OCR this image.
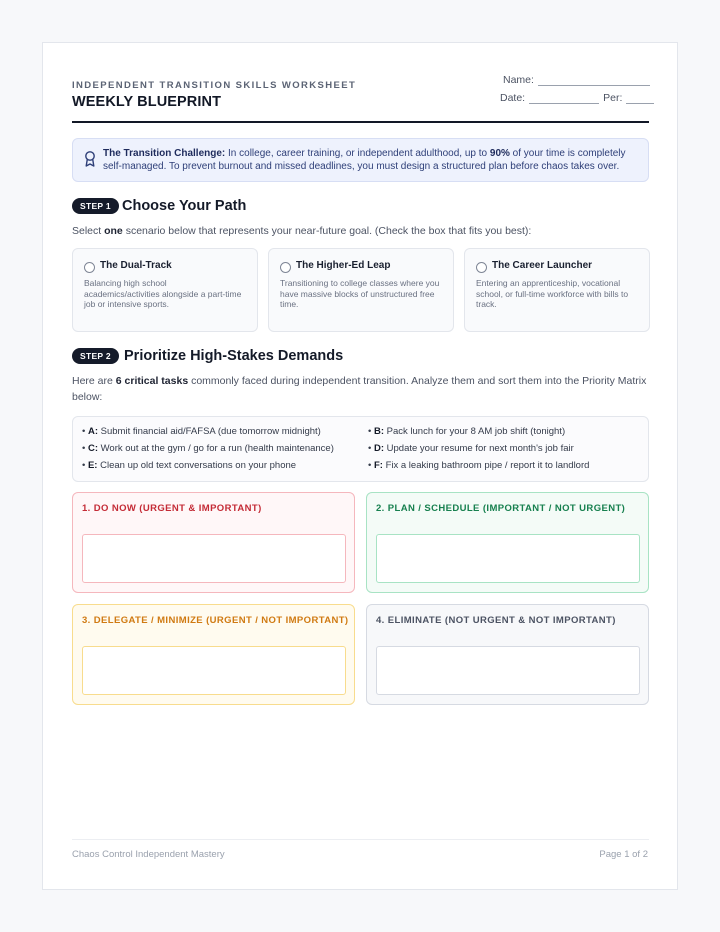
INDEPENDENT TRANSITION SKILLS WORKSHEET
WEEKLY BLUEPRINT
Name:
Date:	Per:
The Transition Challenge: In college, career training, or independent adulthood, up to 90% of your time is completely self-managed. To prevent burnout and missed deadlines, you must design a structured plan before chaos takes over.
STEP 1 Choose Your Path
Select one scenario below that represents your near-future goal. (Check the box that fits you best):
The Dual-Track
Balancing high school academics/activities alongside a part-time job or intensive sports.
The Higher-Ed Leap
Transitioning to college classes where you have massive blocks of unstructured free time.
The Career Launcher
Entering an apprenticeship, vocational school, or full-time workforce with bills to track.
STEP 2 Prioritize High-Stakes Demands
Here are 6 critical tasks commonly faced during independent transition. Analyze them and sort them into the Priority Matrix below:
• A: Submit financial aid/FAFSA (due tomorrow midnight)	• B: Pack lunch for your 8 AM job shift (tonight)
• C: Work out at the gym / go for a run (health maintenance)	• D: Update your resume for next month's job fair
• E: Clean up old text conversations on your phone	• F: Fix a leaking bathroom pipe / report it to landlord
1. DO NOW (URGENT & IMPORTANT)	2. PLAN / SCHEDULE (IMPORTANT / NOT URGENT)
3. DELEGATE / MINIMIZE (URGENT / NOT IMPORTANT)	4. ELIMINATE (NOT URGENT & NOT IMPORTANT)
Chaos Control Independent Mastery	Page 1 of 2
